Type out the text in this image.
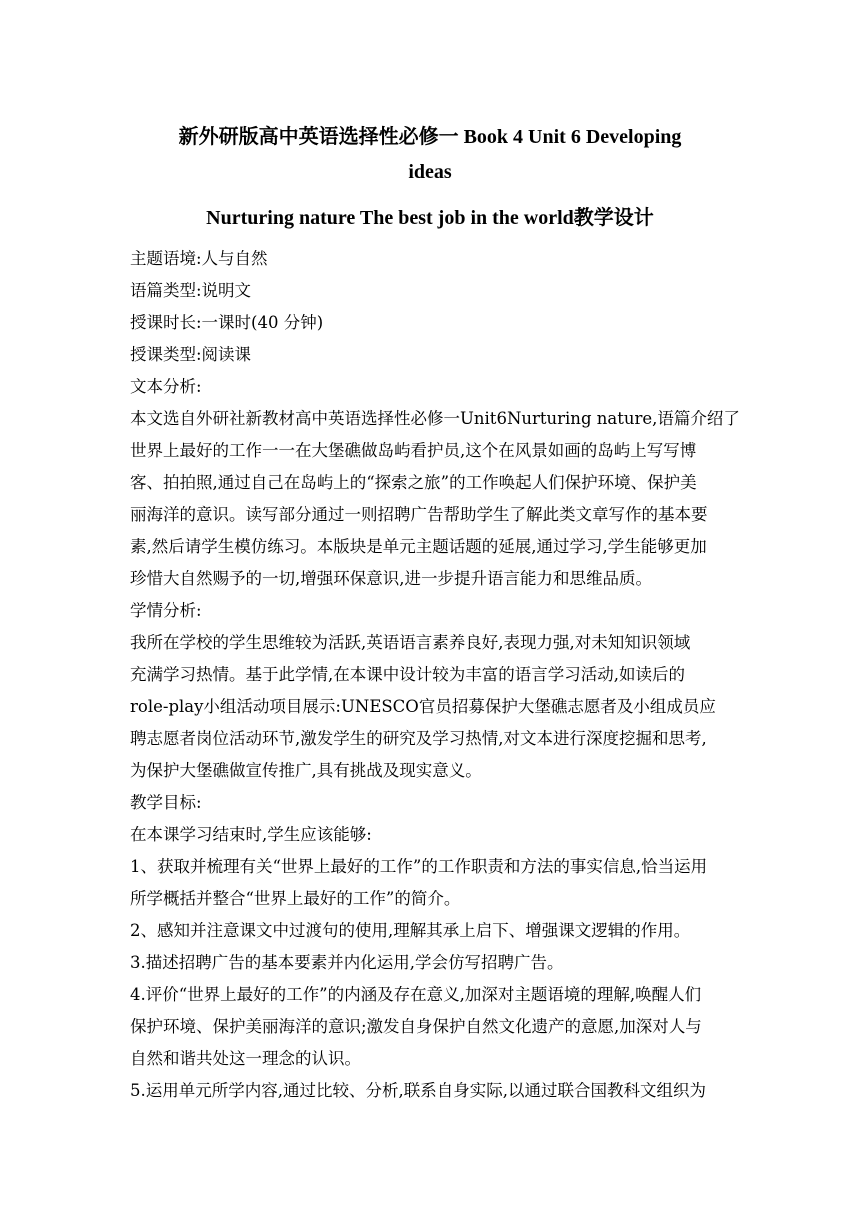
新外研版高中英语选择性必修一 Book 4 Unit 6 Developing
ideas
Nurturing nature The best job in the world教学设计
主题语境:人与自然
语篇类型:说明文
授课时长:一课时(40 分钟)
授课类型:阅读课
文本分析:
本文选自外研社新教材高中英语选择性必修一Unit6Nurturing nature,语篇介绍了
世界上最好的工作一一在大堡礁做岛屿看护员,这个在风景如画的岛屿上写写博
客、拍拍照,通过自己在岛屿上的“探索之旅”的工作唤起人们保护环境、保护美
丽海洋的意识。读写部分通过一则招聘广告帮助学生了解此类文章写作的基本要
素,然后请学生模仿练习。本版块是单元主题话题的延展,通过学习,学生能够更加
珍惜大自然赐予的一切,增强环保意识,进一步提升语言能力和思维品质。
学情分析:
我所在学校的学生思维较为活跃,英语语言素养良好,表现力强,对未知知识领域
充满学习热情。基于此学情,在本课中设计较为丰富的语言学习活动,如读后的
role-play小组活动项目展示:UNESCO官员招募保护大堡礁志愿者及小组成员应
聘志愿者岗位活动环节,激发学生的研究及学习热情,对文本进行深度挖掘和思考,
为保护大堡礁做宣传推广,具有挑战及现实意义。
教学目标:
在本课学习结束时,学生应该能够:
1、获取并梳理有关“世界上最好的工作”的工作职责和方法的事实信息,恰当运用
所学概括并整合“世界上最好的工作”的简介。
2、感知并注意课文中过渡句的使用,理解其承上启下、增强课文逻辑的作用。
3.描述招聘广告的基本要素并内化运用,学会仿写招聘广告。
4.评价“世界上最好的工作”的内涵及存在意义,加深对主题语境的理解,唤醒人们
保护环境、保护美丽海洋的意识;激发自身保护自然文化遗产的意愿,加深对人与
自然和谐共处这一理念的认识。
5.运用单元所学内容,通过比较、分析,联系自身实际,以通过联合国教科文组织为
